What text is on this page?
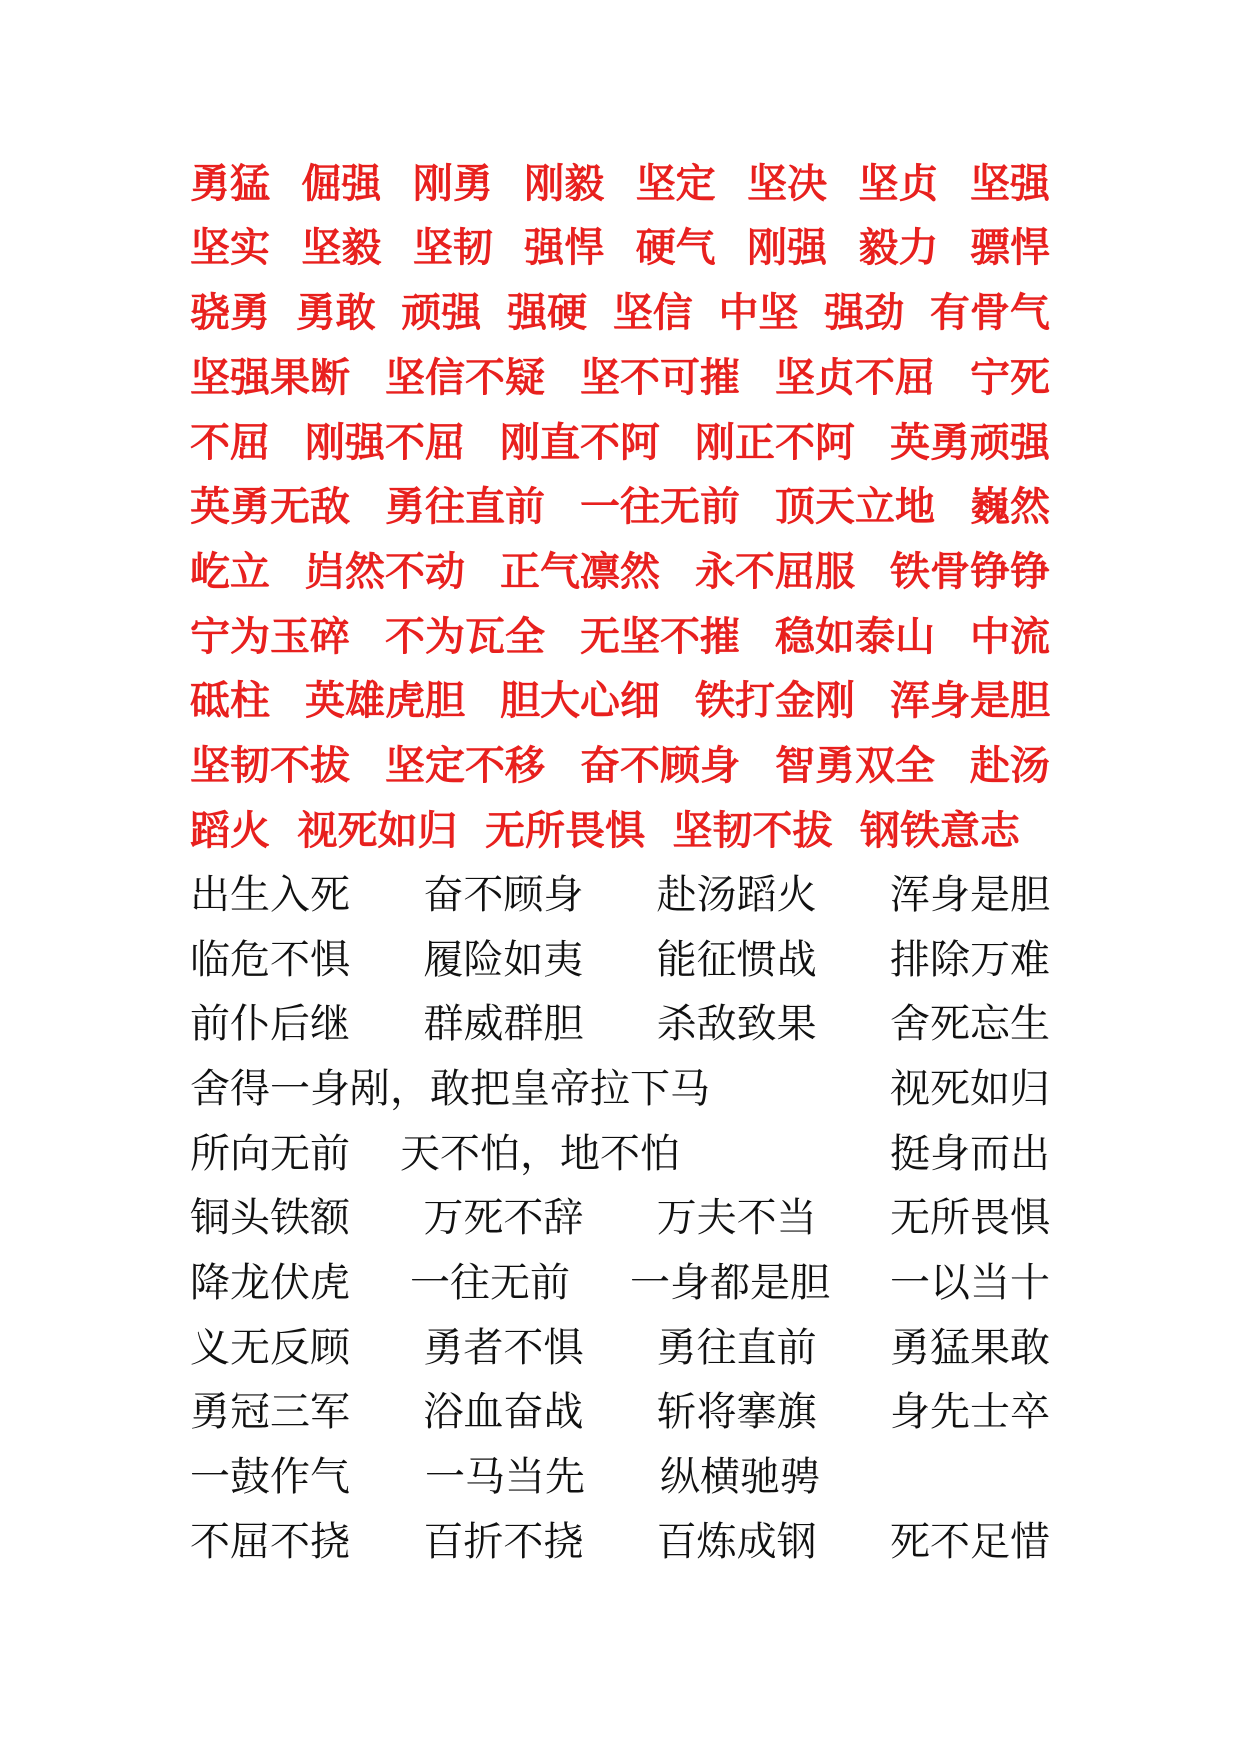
勇猛 倔强 刚勇 刚毅 坚定 坚决 坚贞 坚强
坚实 坚毅 坚韧 强悍 硬气 刚强 毅力 骠悍
骁勇 勇敢 顽强 强硬 坚信 中坚 强劲 有骨气
坚强果断 坚信不疑 坚不可摧 坚贞不屈 宁死
不屈 刚强不屈 刚直不阿 刚正不阿 英勇顽强
英勇无敌 勇往直前 一往无前 顶天立地 巍然
屹立 岿然不动 正气凛然 永不屈服 铁骨铮铮
宁为玉碎 不为瓦全 无坚不摧 稳如泰山 中流
砥柱 英雄虎胆 胆大心细 铁打金刚 浑身是胆
坚韧不拔 坚定不移 奋不顾身 智勇双全 赴汤
蹈火 视死如归 无所畏惧 坚韧不拔 钢铁意志
出生入死 奋不顾身 赴汤蹈火 浑身是胆
临危不惧 履险如夷 能征惯战 排除万难
前仆后继 群威群胆 杀敌致果 舍死忘生
舍得一身剐，敢把皇帝拉下马	视死如归
所向无前 天不怕，地不怕	挺身而出
铜头铁额 万死不辞 万夫不当 无所畏惧
降龙伏虎 一往无前 一身都是胆 一以当十
义无反顾 勇者不惧 勇往直前 勇猛果敢
勇冠三军 浴血奋战 斩将搴旗 身先士卒
一鼓作气 一马当先 纵横驰骋
不屈不挠 百折不挠 百炼成钢 死不足惜
